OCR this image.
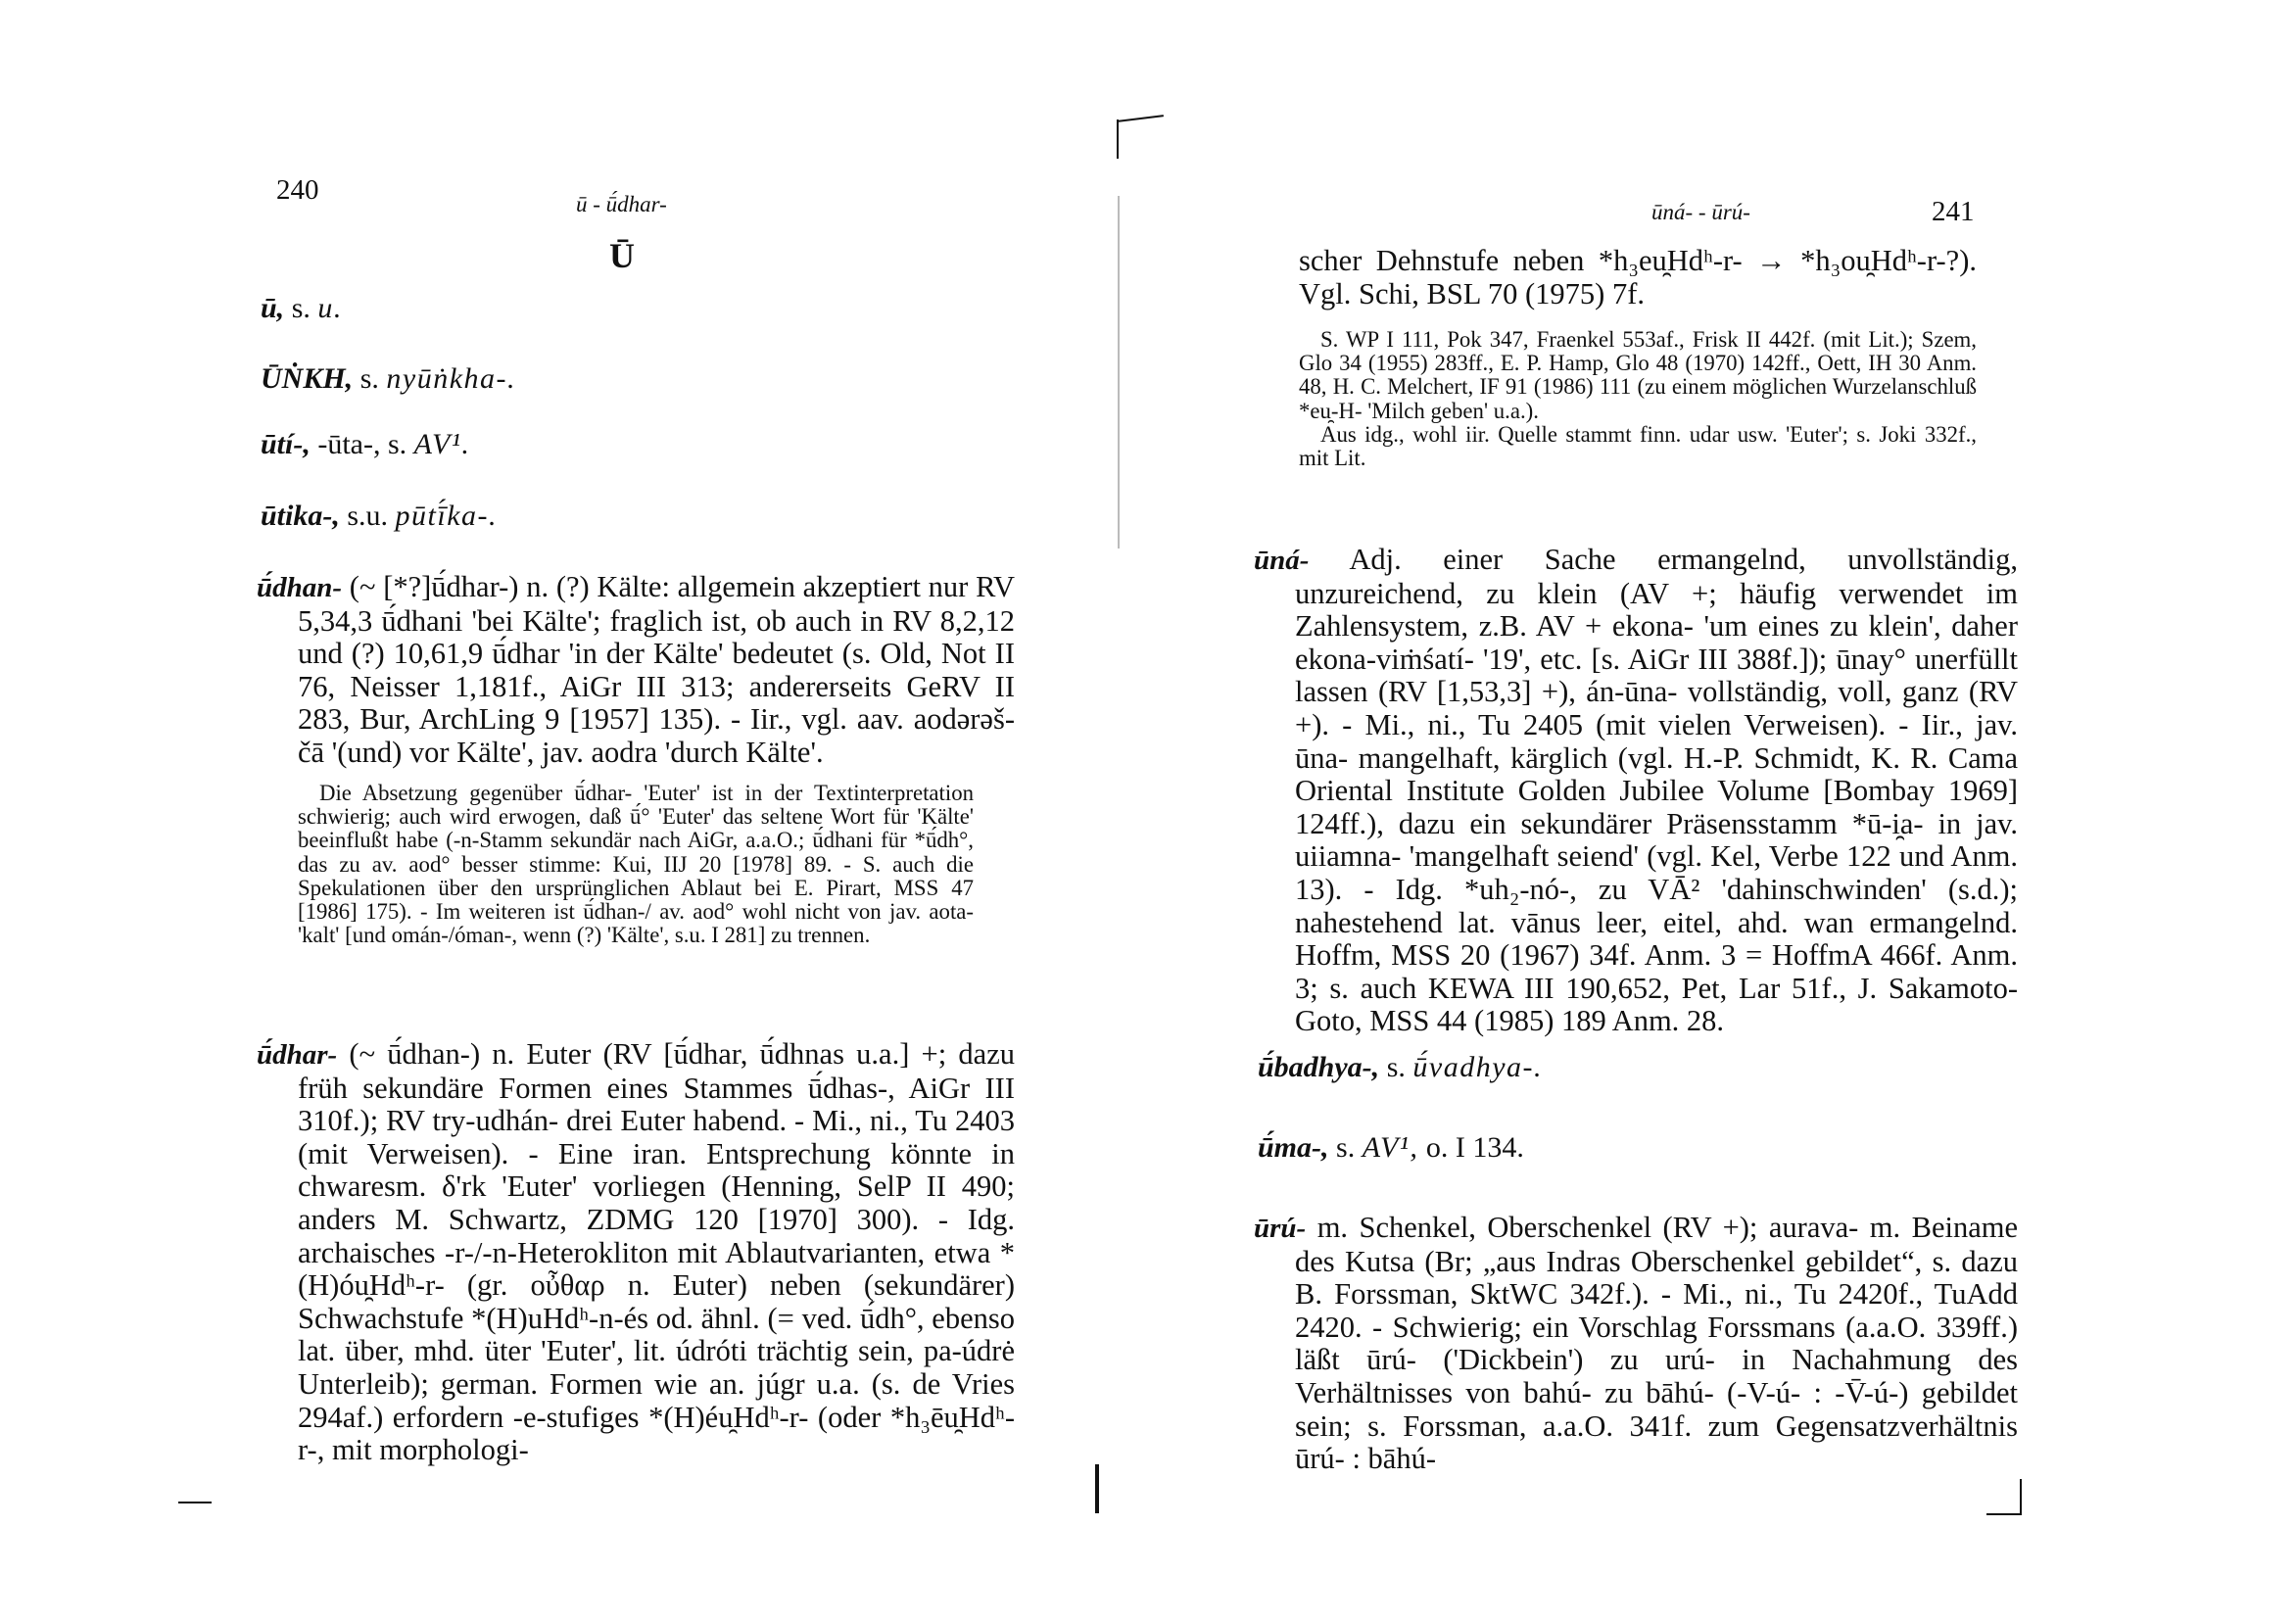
240	ū - ū́dhar-
Ū
ū, s. u.
ŪṄKH, s. nyūṅkha-.
ūtí-, -ūta-, s. AV¹.
ūtika-, s.u. pūtī́ka-.
ū́dhan- (~ [*?]ū́dhar-) n. (?) Kälte: allgemein akzeptiert nur RV 5,34,3 ū́dhani 'bei Kälte'; fraglich ist, ob auch in RV 8,2,12 und (?) 10,61,9 ū́dhar 'in der Kälte' bedeutet (s. Old, Not II 76, Neisser 1,181f., AiGr III 313; andererseits GeRV II 283, Bur, ArchLing 9 [1957] 135). - Iir., vgl. aav. aodərəš-čā '(und) vor Kälte', jav. aodra 'durch Kälte'.

Die Absetzung gegenüber ū́dhar- 'Euter' ist in der Textinterpretation schwierig; auch wird erwogen, daß ū́° 'Euter' das seltene Wort für 'Kälte' beeinflußt habe (-n-Stamm sekundär nach AiGr, a.a.O.; ū́dhani für *ū́dh°, das zu av. aod° besser stimme: Kui, IIJ 20 [1978] 89. - S. auch die Spekulationen über den ursprünglichen Ablaut bei E. Pirart, MSS 47 [1986] 175). - Im weiteren ist ū́dhan-/ av. aod° wohl nicht von jav. aota- 'kalt' [und omán-/óman-, wenn (?) 'Kälte', s.u. I 281] zu trennen.

ū́dhar- (~ ū́dhan-) n. Euter (RV [ū́dhar, ū́dhnas u.a.] +; dazu früh sekundäre Formen eines Stammes ū́dhas-, AiGr III 310f.); RV try-udhán- drei Euter habend. - Mi., ni., Tu 2403 (mit Verweisen). - Eine iran. Entsprechung könnte in chwaresm. δ'rk 'Euter' vorliegen (Henning, SelP II 490; anders M. Schwartz, ZDMG 120 [1970] 300). - Idg. archaisches -r-/-n-Heterokliton mit Ablautvarianten, etwa *(H)óu̯Hdʰ-r- (gr. οὖθαρ n. Euter) neben (sekundärer) Schwachstufe *(H)uHdʰ-n-és od. ähnl. (= ved. ū́dh°, ebenso lat. über, mhd. üter 'Euter', lit. údróti trächtig sein, pa-údrė Unterleib); german. Formen wie an. júgr u.a. (s. de Vries 294af.) erfordern -e-stufiges *(H)éu̯Hdʰ-r- (oder *h₃ēu̯Hdʰ-r-, mit morphologi-
ūná- - ūrú-	241
scher Dehnstufe neben *h₃eu̯Hdʰ-r- → *h₃ou̯Hdʰ-r-?). Vgl. Schi, BSL 70 (1975) 7f.

S. WP I 111, Pok 347, Fraenkel 553af., Frisk II 442f. (mit Lit.); Szem, Glo 34 (1955) 283ff., E. P. Hamp, Glo 48 (1970) 142ff., Oett, IH 30 Anm. 48, H. C. Melchert, IF 91 (1986) 111 (zu einem möglichen Wurzelanschluß *eu̯-H- 'Milch geben' u.a.).

Aus idg., wohl iir. Quelle stammt finn. udar usw. 'Euter'; s. Joki 332f., mit Lit.

ūná- Adj. einer Sache ermangelnd, unvollständig, unzureichend, zu klein (AV +; häufig verwendet im Zahlensystem, z.B. AV + ekona- 'um eines zu klein', daher ekona-viṁśatí- '19', etc. [s. AiGr III 388f.]); ūnay° unerfüllt lassen (RV [1,53,3] +), án-ūna- vollständig, voll, ganz (RV +). - Mi., ni., Tu 2405 (mit vielen Verweisen). - Iir., jav. ūna- mangelhaft, kärglich (vgl. H.-P. Schmidt, K. R. Cama Oriental Institute Golden Jubilee Volume [Bombay 1969] 124ff.), dazu ein sekundärer Präsensstamm *ū-i̯a- in jav. uiiamna- 'mangelhaft seiend' (vgl. Kel, Verbe 122 und Anm. 13). - Idg. *uh₂-nó-, zu VĀ² 'dahinschwinden' (s.d.); nahestehend lat. vānus leer, eitel, ahd. wan ermangelnd. Hoffm, MSS 20 (1967) 34f. Anm. 3 = HoffmA 466f. Anm. 3; s. auch KEWA III 190,652, Pet, Lar 51f., J. Sakamoto-Goto, MSS 44 (1985) 189 Anm. 28.
ū́badhya-, s. ū́vadhya-.
ū́ma-, s. AV¹, o. I 134.
ūrú- m. Schenkel, Oberschenkel (RV +); aurava- m. Beiname des Kutsa (Br; „aus Indras Oberschenkel gebildet“, s. dazu B. Forssman, SktWC 342f.). - Mi., ni., Tu 2420f., TuAdd 2420. - Schwierig; ein Vorschlag Forssmans (a.a.O. 339ff.) läßt ūrú- ('Dickbein') zu urú- in Nachahmung des Verhältnisses von bahú- zu bāhú- (-V-ú- : -V̄-ú-) gebildet sein; s. Forssman, a.a.O. 341f. zum Gegensatzverhältnis ūrú- : bāhú-
